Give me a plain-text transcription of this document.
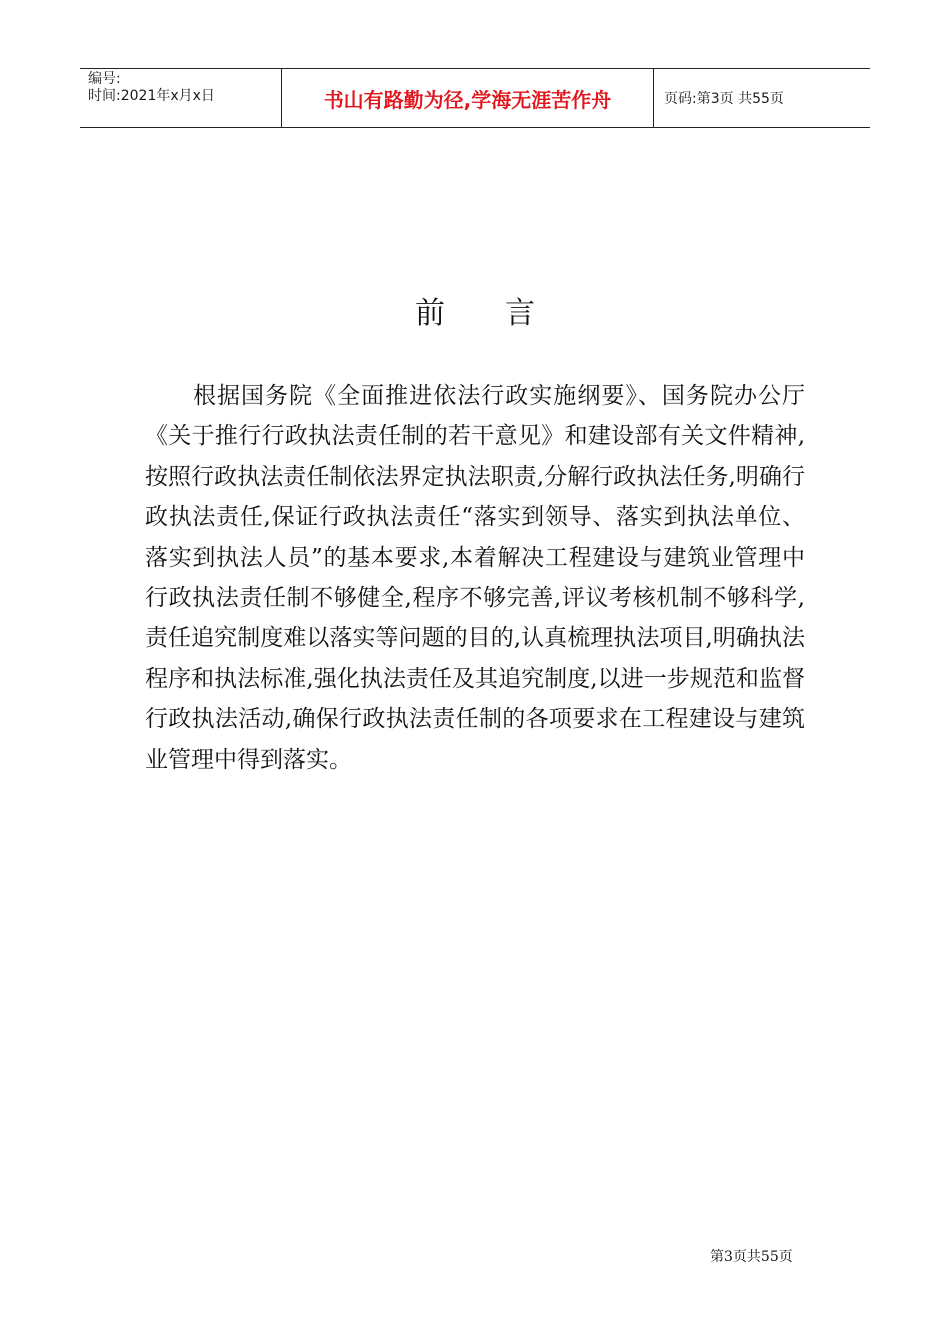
编号:
时间:2021年x月x日	书山有路勤为径,学海无涯苦作舟	页码:第3页 共55页
前言

根据国务院《全面推进依法行政实施纲要》、国务院办公厅《关于推行行政执法责任制的若干意见》和建设部有关文件精神,按照行政执法责任制依法界定执法职责,分解行政执法任务,明确行政执法责任,保证行政执法责任“落实到领导、落实到执法单位、落实到执法人员”的基本要求,本着解决工程建设与建筑业管理中行政执法责任制不够健全,程序不够完善,评议考核机制不够科学,责任追究制度难以落实等问题的目的,认真梳理执法项目,明确执法程序和执法标准,强化执法责任及其追究制度,以进一步规范和监督行政执法活动,确保行政执法责任制的各项要求在工程建设与建筑业管理中得到落实。

第3页共55页
